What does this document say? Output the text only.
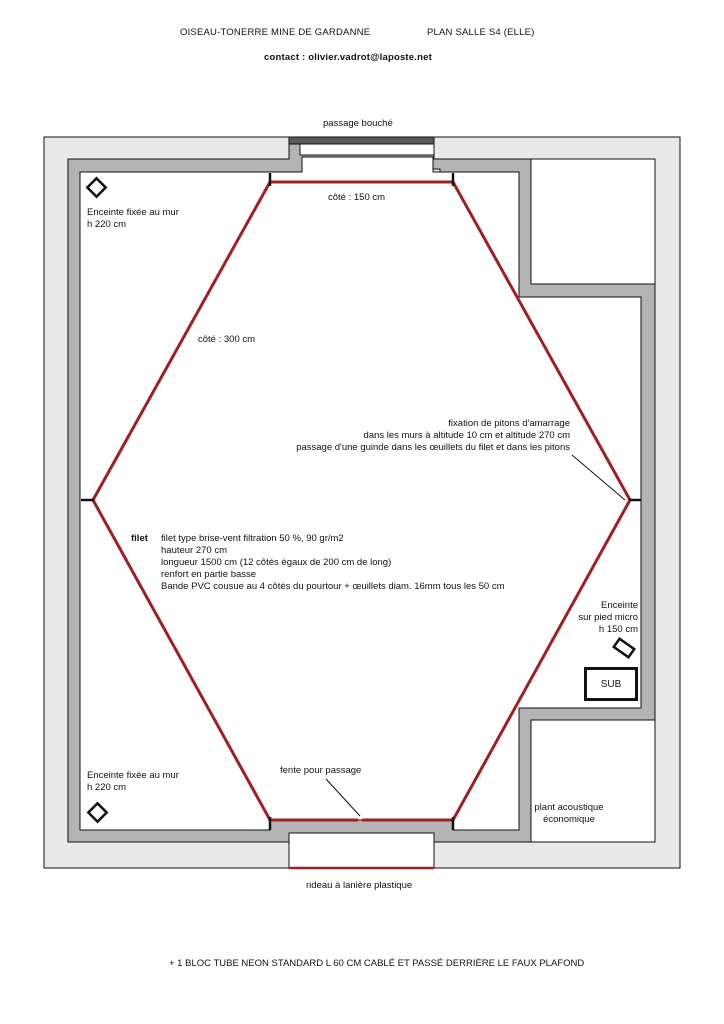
OISEAU-TONERRE MINE DE GARDANNE	PLAN SALLE S4 (ELLE)
contact : olivier.vadrot@laposte.net
passage bouché
côté : 150 cm
côté : 300 cm
Enceinte fixée au mur
h 220 cm
Enceinte fixée au mur
h 220 cm
fixation de pitons d'amarrage
dans les murs à altitude 10 cm et altitude 270 cm
passage d'une guinde dans les œuillets du filet et dans les pitons
filet filet type brise-vent filtration 50 %, 90 gr/m2
hauteur 270 cm
longueur 1500 cm (12 côtés égaux de 200 cm de long)
renfort en partie basse
Bande PVC cousue au 4 côtés du pourtour + œuillets diam. 16mm tous les 50 cm
Enceinte
sur pied micro
h 150 cm
SUB
fente pour passage
plant acoustique
économique
rideau à lanière plastique
+ 1 BLOC TUBE NEON STANDARD L 60 CM CABLÉ ET PASSÉ DERRIÈRE LE FAUX PLAFOND
